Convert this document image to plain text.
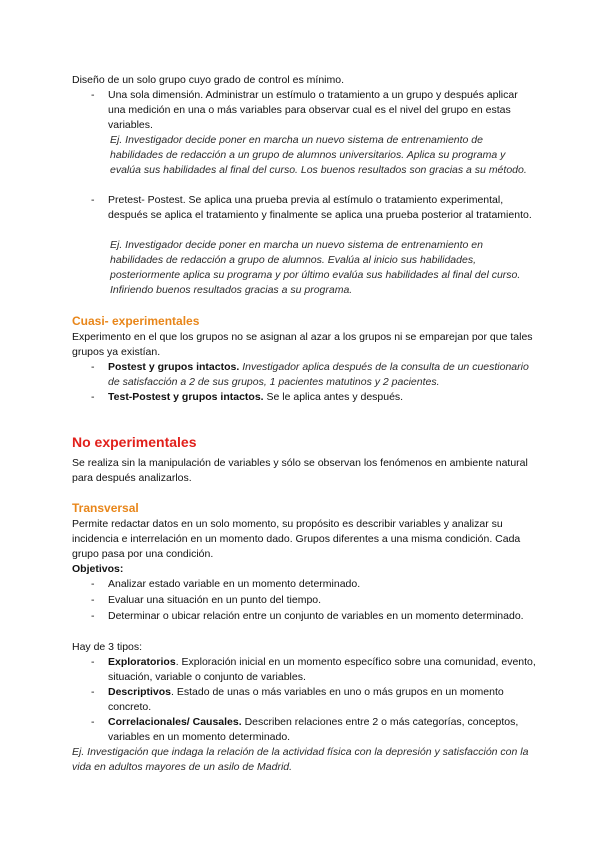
Diseño de un solo grupo cuyo grado de control es mínimo.

- Una sola dimensión. Administrar un estímulo o tratamiento a un grupo y después aplicar una medición en una o más variables para observar cual es el nivel del grupo en estas variables.

Ej. Investigador decide poner en marcha un nuevo sistema de entrenamiento de habilidades de redacción a un grupo de alumnos universitarios. Aplica su programa y evalúa sus habilidades al final del curso. Los buenos resultados son gracias a su método.

- Pretest- Postest. Se aplica una prueba previa al estímulo o tratamiento experimental, después se aplica el tratamiento y finalmente se aplica una prueba posterior al tratamiento.

Ej. Investigador decide poner en marcha un nuevo sistema de entrenamiento en habilidades de redacción a grupo de alumnos. Evalúa al inicio sus habilidades, posteriormente aplica su programa y por último evalúa sus habilidades al final del curso. Infiriendo buenos resultados gracias a su programa.

Cuasi- experimentales

Experimento en el que los grupos no se asignan al azar a los grupos ni se emparejan por que tales grupos ya existían.

- Postest y grupos intactos. Investigador aplica después de la consulta de un cuestionario de satisfacción a 2 de sus grupos, 1 pacientes matutinos y 2 pacientes.

- Test-Postest y grupos intactos. Se le aplica antes y después.

No experimentales

Se realiza sin la manipulación de variables y sólo se observan los fenómenos en ambiente natural para después analizarlos.

Transversal

Permite redactar datos en un solo momento, su propósito es describir variables y analizar su incidencia e interrelación en un momento dado. Grupos diferentes a una misma condición. Cada grupo pasa por una condición.

Objetivos:

- Analizar estado variable en un momento determinado.

- Evaluar una situación en un punto del tiempo.

- Determinar o ubicar relación entre un conjunto de variables en un momento determinado.

Hay de 3 tipos:

- Exploratorios. Exploración inicial en un momento específico sobre una comunidad, evento, situación, variable o conjunto de variables.

- Descriptivos. Estado de unas o más variables en uno o más grupos en un momento concreto.

- Correlacionales/ Causales. Describen relaciones entre 2 o más categorías, conceptos, variables en un momento determinado.

Ej. Investigación que indaga la relación de la actividad física con la depresión y satisfacción con la vida en adultos mayores de un asilo de Madrid.
